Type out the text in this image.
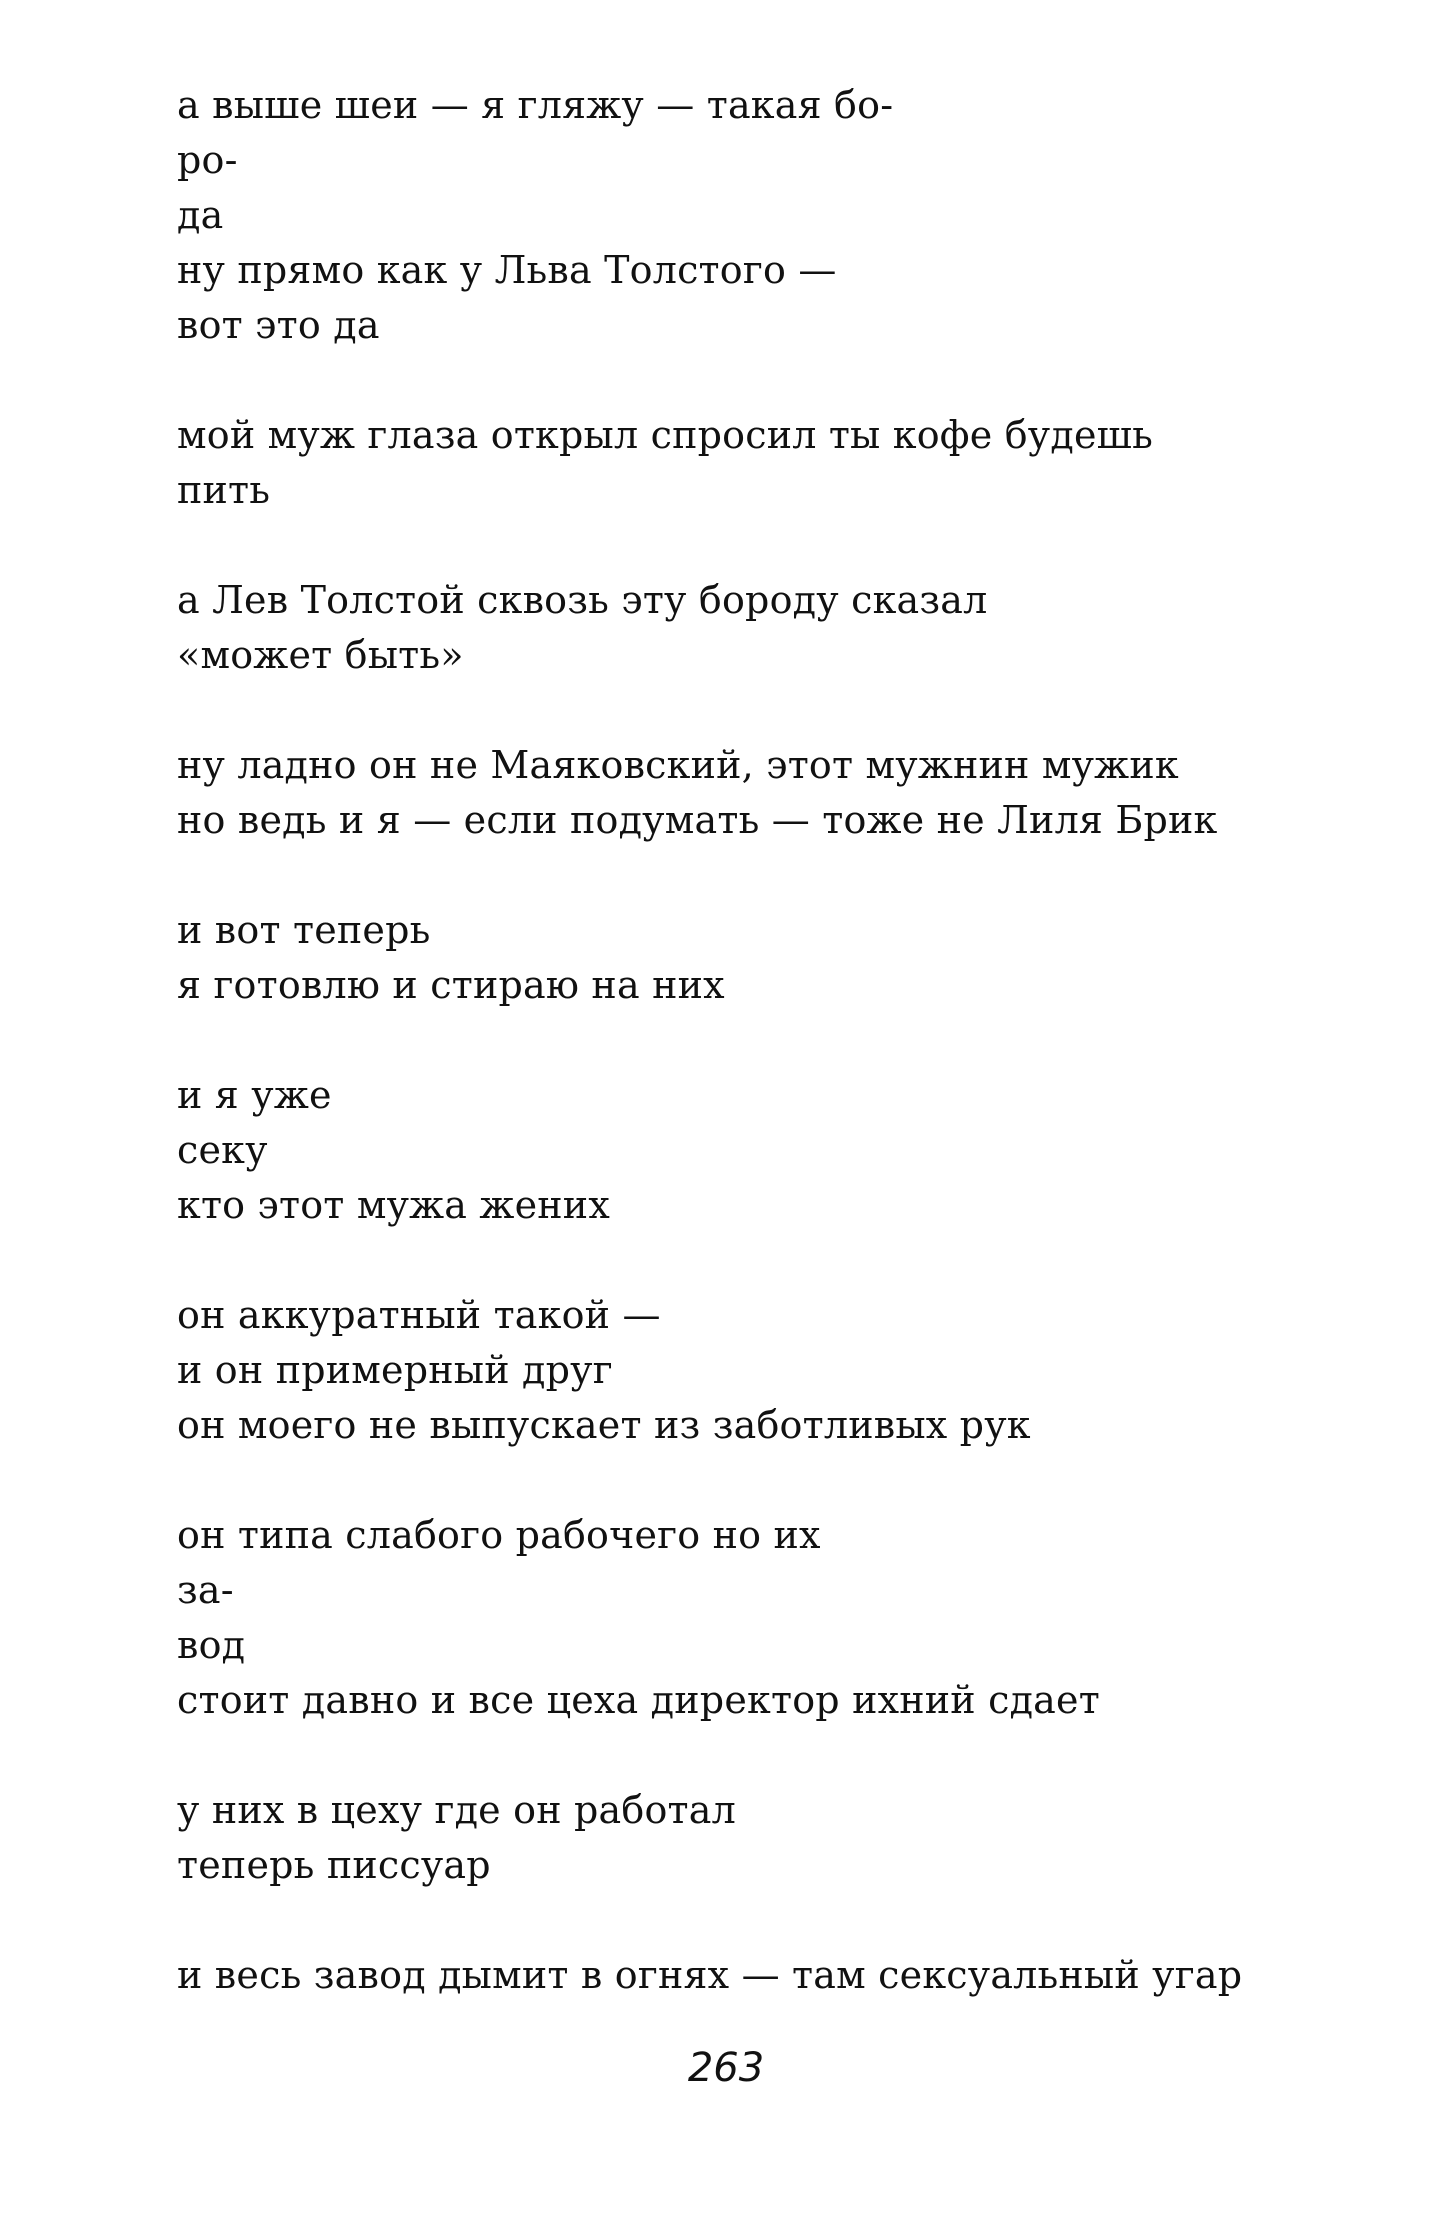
а выше шеи — я гляжу — такая бо-
ро-
да
ну прямо как у Льва Толстого —
вот это да
мой муж глаза открыл спросил ты кофе будешь
пить
а Лев Толстой сквозь эту бороду сказал
«может быть»
ну ладно он не Маяковский, этот мужнин мужик
но ведь и я — если подумать — тоже не Лиля Брик
и вот теперь
я готовлю и стираю на них
и я уже
секу
кто этот мужа жених
он аккуратный такой —
и он примерный друг
он моего не выпускает из заботливых рук
он типа слабого рабочего но их
за-
вод
стоит давно и все цеха директор ихний сдает
у них в цеху где он работал
теперь писсуар
и весь завод дымит в огнях — там сексуальный угар
263
